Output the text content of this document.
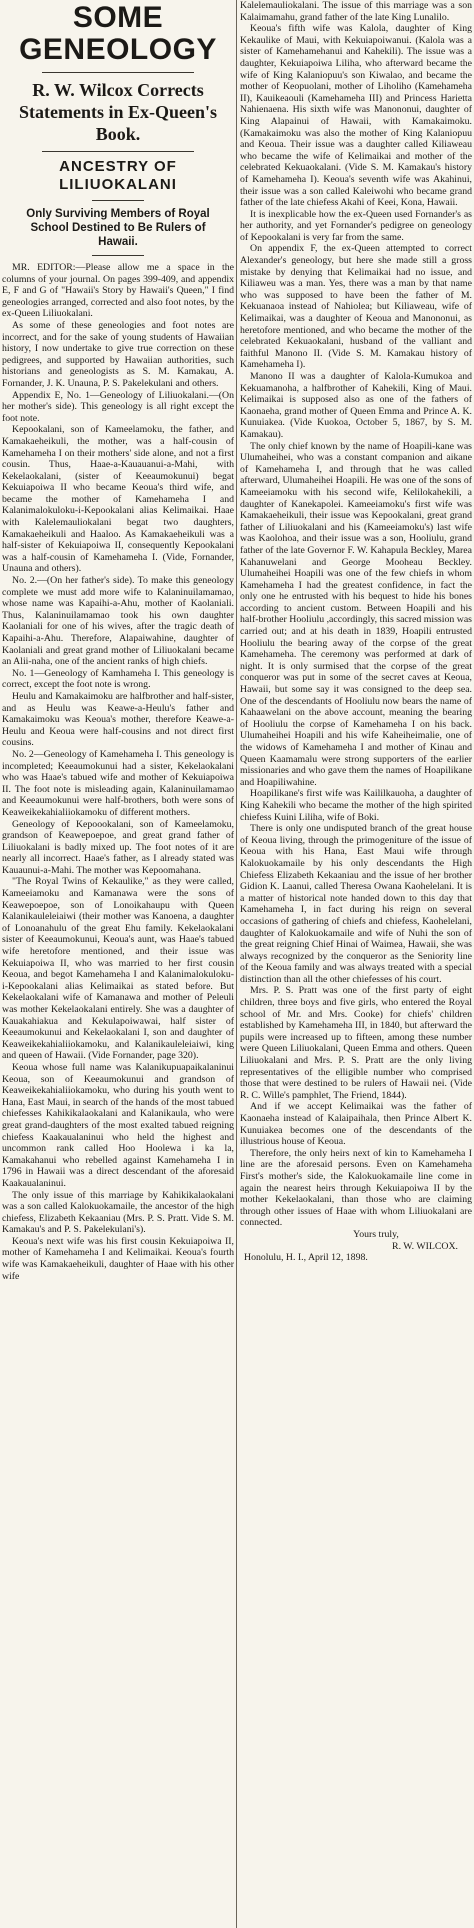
SOME GENEOLOGY
R. W. Wilcox Corrects Statements in Ex-Queen's Book.
ANCESTRY OF LILIUOKALANI
Only Surviving Members of Royal School Destined to Be Rulers of Hawaii.

MR. EDITOR:—Please allow me a space in the columns of your journal. On pages 399-409, and appendix E, F and G of "Hawaii's Story by Hawaii's Queen," I find geneologies arranged, corrected and also foot notes, by the ex-Queen Liliuokalani.

As some of these geneologies and foot notes are incorrect, and for the sake of young students of Hawaiian history, I now undertake to give true correction on these pedigrees, and supported by Hawaiian authorities, such historians and geneologists as S. M. Kamakau, A. Fornander, J. K. Unauna, P. S. Pakelekulani and others.

Appendix E, No. 1—Geneology of Liliuokalani.—(On her mother's side). This geneology is all right except the foot note.

Kepookalani, son of Kameelamoku, the father, and Kamakaeheikuli, the mother, was a half-cousin of Kamehameha I on their mothers' side alone, and not a first cousin. Thus, Haae-a-Kauauanui-a-Mahi, with Kekelaokalani, (sister of Keeaumokunui) begat Kekuiapoiwa II who became Keoua's third wife, and became the mother of Kamehameha I and Kalanimalokuloku-i-Kepookalani alias Kelimaikai. Haae with Kalelemauliokalani begat two daughters, Kamakaeheikuli and Haaloo. As Kamakaeheikuli was a half-sister of Kekuiapoiwa II, consequently Kepookalani was a half-cousin of Kamehameha I. (Vide, Fornander, Unauna and others).

No. 2.—(On her father's side). To make this geneology complete we must add more wife to Kalaninuilamamao, whose name was Kapaihi-a-Ahu, mother of Kaolaniali. Thus, Kalaninuilamamao took his own daughter Kaolaniali for one of his wives, after the tragic death of Kapaihi-a-Ahu. Therefore, Alapaiwahine, daughter of Kaolaniali and great grand mother of Liliuokalani became an Alii-naha, one of the ancient ranks of high chiefs.

No. 1—Geneology of Kamhameha I. This geneology is correct, except the foot note is wrong.

Heulu and Kamakaimoku are halfbrother and half-sister, and as Heulu was Keawe-a-Heulu's father and Kamakaimoku was Keoua's mother, therefore Keawe-a-Heulu and Keoua were half-cousins and not direct first cousins.

No. 2—Geneology of Kamehameha I. This geneology is incompleted; Keeaumokunui had a sister, Kekelaokalani who was Haae's tabued wife and mother of Kekuiapoiwa II. The foot note is misleading again, Kalaninuilamamao and Keeaumokunui were half-brothers, both were sons of Keaweikekahialiiokamoku of different mothers.

Geneology of Kepoookalani, son of Kameelamoku, grandson of Keawepoepoe, and great grand father of Liliuokalani is badly mixed up. The foot notes of it are nearly all incorrect. Haae's father, as I already stated was Kauaunui-a-Mahi. The mother was Kepoomahana.

"The Royal Twins of Kekaulike," as they were called, Kameeiamoku and Kamanawa were the sons of Keawepoepoe, son of Lonoikahaupu with Queen Kalanikauleleiaiwi (their mother was Kanoena, a daughter of Lonoanahulu of the great Ehu family. Kekelaokalani sister of Keeaumokunui, Keoua's aunt, was Haae's tabued wife heretofore mentioned, and their issue was Kekuiapoiwa II, who was married to her first cousin Keoua, and begot Kamehameha I and Kalanimalokuloku-i-Kepookalani alias Kelimaikai as stated before. But Kekelaokalani wife of Kamanawa and mother of Peleuli was mother Kekelaokalani entirely. She was a daughter of Kauakahiakua and Kekulapoiwawai, half sister of Keeaumokunui and Kekelaokalani I, son and daughter of Keaweikekahialiiokamoku, and Kalanikauleleiaiwi, king and queen of Hawaii. (Vide Fornander, page 320).

Keoua whose full name was Kalanikupuapaikalaninui Keoua, son of Keeaumokunui and grandson of Keaweikekahialiiokamoku, who during his youth went to Hana, East Maui, in search of the hands of the most tabued chiefesses Kahikikalaokalani and Kalanikaula, who were great grand-daughters of the most exalted tabued reigning chiefess Kaakaualaninui who held the highest and uncommon rank called Hoo Hoolewa i ka la, Kamakahanui who rebelled against Kamehameha I in 1796 in Hawaii was a direct descendant of the aforesaid Kaakaualaninui.

The only issue of this marriage by Kahikikalaokalani was a son called Kalokuokamaile, the ancestor of the high chiefess, Elizabeth Kekaaniau (Mrs. P. S. Pratt. Vide S. M. Kamakau's and P. S. Pakelekulani's).

Keoua's next wife was his first cousin Kekuiapoiwa II, mother of Kamehameha I and Kelimaikai. Keoua's fourth wife was Kamakaeheikuli, daughter of Haae with his other wife

Kalelemauliokalani. The issue of this marriage was a son Kalaimamahu, grand father of the late King Lunalilo.

Keoua's fifth wife was Kalola, daughter of King Kekaulike of Maui, with Kekuiapoiwanui. (Kalola was a sister of Kamehamehanui and Kahekili). The issue was a daughter, Kekuiapoiwa Liliha, who afterward became the wife of King Kalaniopuu's son Kiwalao, and became the mother of Keopuolani, mother of Liholiho (Kamehameha II), Kauikeaouli (Kamehameha III) and Princess Harietta Nahienaena. His sixth wife was Manononui, daughter of King Alapainui of Hawaii, with Kamakaimoku. (Kamakaimoku was also the mother of King Kalaniopuu and Keoua. Their issue was a daughter called Kiliaweau who became the wife of Kelimaikai and mother of the celebrated Kekuaokalani. (Vide S. M. Kamakau's history of Kamehameha I). Keoua's seventh wife was Akahinui, their issue was a son called Kaleiwohi who became grand father of the late chiefess Akahi of Keei, Kona, Hawaii.

It is inexplicable how the ex-Queen used Fornander's as her authority, and yet Fornander's pedigree on geneology of Kepookalani is very far from the same.

On appendix F, the ex-Queen attempted to correct Alexander's geneology, but here she made still a gross mistake by denying that Kelimaikai had no issue, and Kiliaweu was a man. Yes, there was a man by that name who was supposed to have been the father of M. Kekuanaoa instead of Nahiolea; but Kiliaweau, wife of Kelimaikai, was a daughter of Keoua and Manononui, as heretofore mentioned, and who became the mother of the celebrated Kekuaokalani, husband of the valliant and faithful Manono II. (Vide S. M. Kamakau history of Kamehameha I).

Manono II was a daughter of Kalola-Kumukoa and Kekuamanoha, a halfbrother of Kahekili, King of Maui. Kelimaikai is supposed also as one of the fathers of Kaonaeha, grand mother of Queen Emma and Prince A. K. Kunuiakea. (Vide Kuokoa, October 5, 1867, by S. M. Kamakau).

The only chief known by the name of Hoapili-kane was Ulumaheihei, who was a constant companion and aikane of Kamehameha I, and through that he was called afterward, Ulumaheihei Hoapili. He was one of the sons of Kameeiamoku with his second wife, Kelilokahekili, a daughter of Kanekapolei. Kameeiamoku's first wife was Kamakaeheikuli, their issue was Kepookalani, great grand father of Liliuokalani and his (Kameeiamoku's) last wife was Kaolohoa, and their issue was a son, Hooliulu, grand father of the late Governor F. W. Kahapula Beckley, Marea Kahanuwelani and George Mooheau Beckley. Ulumaheihei Hoapili was one of the few chiefs in whom Kamehameha I had the greatest confidence, in fact the only one he entrusted with his bequest to hide his bones according to ancient custom. Between Hoapili and his half-brother Hooliulu ,accordingly, this sacred mission was carried out; and at his death in 1839, Hoapili entrusted Hooliulu the bearing away of the corpse of the great Kamehameha. The ceremony was performed at dark of night. It is only surmised that the corpse of the great conqueror was put in some of the secret caves at Keoua, Hawaii, but some say it was consigned to the deep sea. One of the descendants of Hooliulu now bears the name of Kahaawelani on the above account, meaning the bearing of Hooliulu the corpse of Kamehameha I on his back. Ulumaheihei Hoapili and his wife Kaheiheimalie, one of the widows of Kamehameha I and mother of Kinau and Queen Kaamamalu were strong supporters of the earlier missionaries and who gave them the names of Hoapilikane and Hoapiliwahine.

Hoapilikane's first wife was Kaililkauoha, a daughter of King Kahekili who became the mother of the high spirited chiefess Kuini Liliha, wife of Boki.

There is only one undisputed branch of the great house of Keoua living, through the primogeniture of the issue of Keoua with his Hana, East Maui wife through Kalokuokamaile by his only descendants the High Chiefess Elizabeth Kekaaniau and the issue of her brother Gidion K. Laanui, called Theresa Owana Kaohelelani. It is a matter of historical note handed down to this day that Kamehameha I, in fact during his reign on several occasions of gathering of chiefs and chiefess, Kaohelelani, daughter of Kalokuokamaile and wife of Nuhi the son of the great reigning Chief Hinai of Waimea, Hawaii, she was always recognized by the conqueror as the Seniority line of the Keoua family and was always treated with a special distinction than all the other chiefesses of his court.

Mrs. P. S. Pratt was one of the first party of eight children, three boys and five girls, who entered the Royal school of Mr. and Mrs. Cooke) for chiefs' children established by Kamehameha III, in 1840, but afterward the pupils were increased up to fifteen, among these number were Queen Liliuokalani, Queen Emma and others. Queen Liliuokalani and Mrs. P. S. Pratt are the only living representatives of the elligible number who comprised those that were destined to be rulers of Hawaii nei. (Vide R. C. Wille's pamphlet, The Friend, 1844).

And if we accept Kelimaikai was the father of Kaonaeha instead of Kalaipaihala, then Prince Albert K. Kunuiakea becomes one of the descendants of the illustrious house of Keoua.

Therefore, the only heirs next of kin to Kamehameha I line are the aforesaid persons. Even on Kamehameha First's mother's side, the Kalokuokamaile line come in again the nearest heirs through Kekuiapoiwa II by the mother Kekelaokalani, than those who are claiming through other issues of Haae with whom Liliuokalani are connected.

Yours truly,
R. W. WILCOX.
Honolulu, H. I., April 12, 1898.
